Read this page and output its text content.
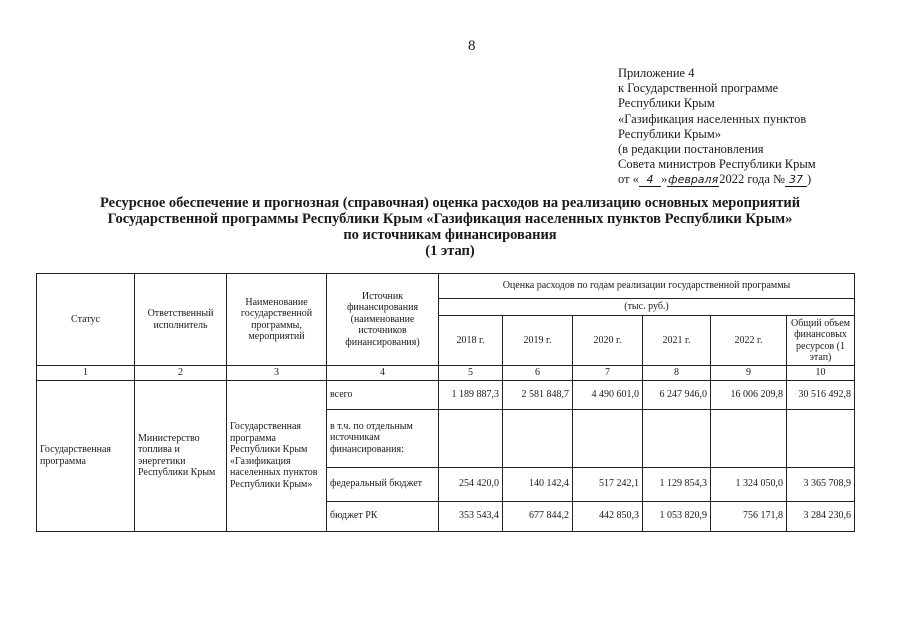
8
Приложение 4
к Государственной программе
Республики Крым
«Газификация населенных пунктов
Республики Крым»
(в редакции постановления
Совета министров Республики Крым
от « 4 »февраля2022 года № 37 )
Ресурсное обеспечение и прогнозная (справочная) оценка расходов на реализацию основных мероприятий
Государственной программы Республики Крым «Газификация населенных пунктов Республики Крым»
по источникам финансирования
(1 этап)
Статус	Ответственный исполнитель	Наименование государственной программы, мероприятий	Источник финансирования (наименование источников финансирования)	Оценка расходов по годам реализации государственной программы					
				(тыс. руб.)					
				2018 г.	2019 г.	2020 г.	2021 г.	2022 г.	Общий объем финансовых ресурсов (1 этап)
1	2	3	4	5	6	7	8	9	10
Государственная программа	Министерство топлива и энергетики Республики Крым	Государственная программа Республики Крым «Газификация населенных пунктов Республики Крым»	всего	1 189 887,3	2 581 848,7	4 490 601,0	6 247 946,0	16 006 209,8	30 516 492,8
			в т.ч. по отдельным источникам финансирования:						
			федеральный бюджет	254 420,0	140 142,4	517 242,1	1 129 854,3	1 324 050,0	3 365 708,9
			бюджет РК	353 543,4	677 844,2	442 850,3	1 053 820,9	756 171,8	3 284 230,6
